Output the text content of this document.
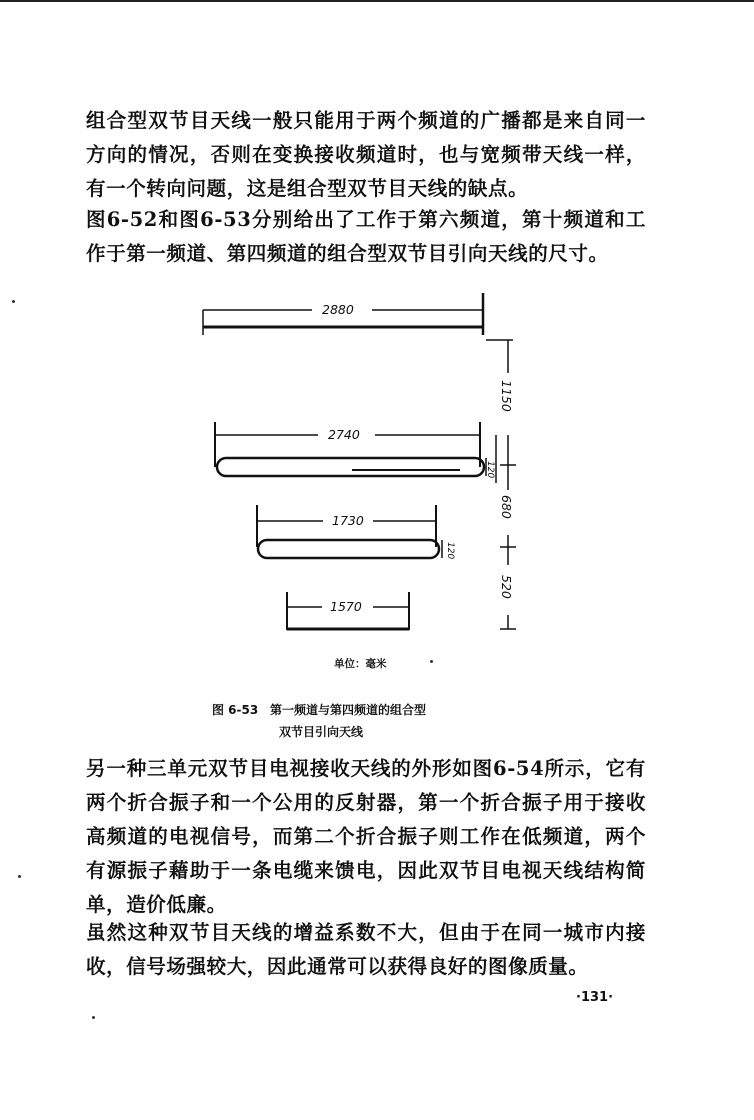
组合型双节目天线一般只能用于两个频道的广播都是来自同一方向的情况，否则在变换接收频道时，也与宽频带天线一样，有一个转向问题，这是组合型双节目天线的缺点。

图6-52和图6-53分别给出了工作于第六频道，第十频道和工作于第一频道、第四频道的组合型双节目引向天线的尺寸。

2880
2740
1730
1570
120
120
1150
680
520

单位：毫米

图 6-53 第一频道与第四频道的组合型
双节目引向天线

另一种三单元双节目电视接收天线的外形如图6-54所示，它有两个折合振子和一个公用的反射器，第一个折合振子用于接收高频道的电视信号，而第二个折合振子则工作在低频道，两个有源振子藉助于一条电缆来馈电，因此双节目电视天线结构简单，造价低廉。

虽然这种双节目天线的增益系数不大，但由于在同一城市内接收，信号场强较大，因此通常可以获得良好的图像质量。

·131·
